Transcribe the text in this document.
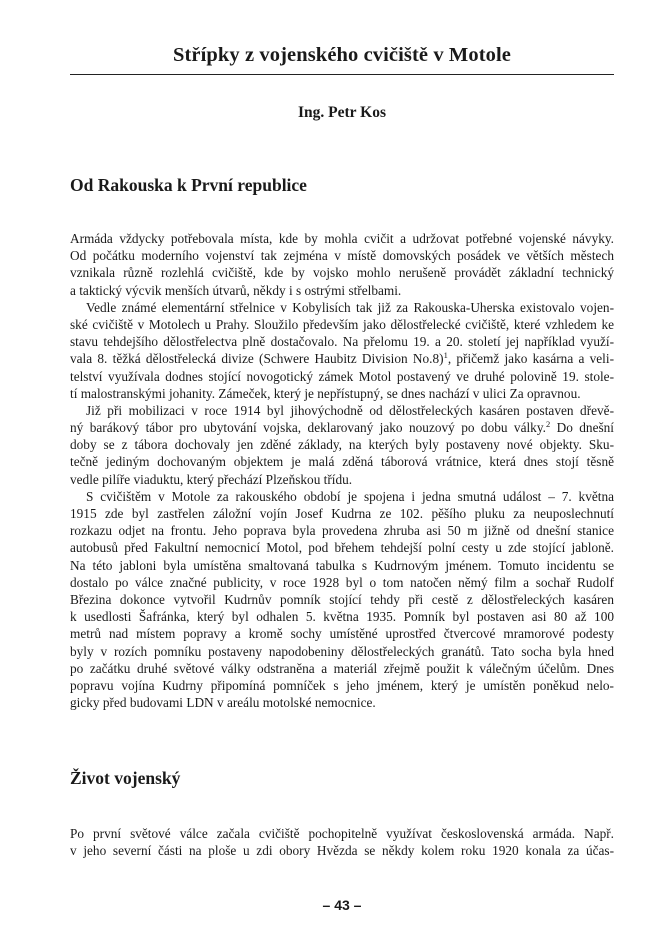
Střípky z vojenského cvičiště v Motole
Ing. Petr Kos
Od Rakouska k První republice
Armáda vždycky potřebovala místa, kde by mohla cvičit a udržovat potřebné vojenské návyky.
Od počátku moderního vojenství tak zejména v místě domovských posádek ve větších městech
vznikala různě rozlehlá cvičiště, kde by vojsko mohlo nerušeně provádět základní technický
a taktický výcvik menších útvarů, někdy i s ostrými střelbami.
Vedle známé elementární střelnice v Kobylisích tak již za Rakouska-Uherska existovalo vojen-
ské cvičiště v Motolech u Prahy. Sloužilo především jako dělostřelecké cvičiště, které vzhledem ke
stavu tehdejšího dělostřelectva plně dostačovalo. Na přelomu 19. a 20. století jej například využí-
vala 8. těžká dělostřelecká divize (Schwere Haubitz Division No.8)$^1$, přičemž jako kasárna a veli-
telství využívala dodnes stojící novogotický zámek Motol postavený ve druhé polovině 19. stole-
tí malostranskými johanity. Zámeček, který je nepřístupný, se dnes nachází v ulici Za opravnou.
Již při mobilizaci v roce 1914 byl jihovýchodně od dělostřeleckých kasáren postaven dřevě-
ný barákový tábor pro ubytování vojska, deklarovaný jako nouzový po dobu války.$^2$ Do dnešní
doby se z tábora dochovaly jen zděné základy, na kterých byly postaveny nové objekty. Sku-
tečně jediným dochovaným objektem je malá zděná táborová vrátnice, která dnes stojí těsně
vedle pilíře viaduktu, který přechází Plzeňskou třídu.
S cvičištěm v Motole za rakouského období je spojena i jedna smutná událost – 7. května
1915 zde byl zastřelen záložní vojín Josef Kudrna ze 102. pěšího pluku za neuposlechnutí
rozkazu odjet na frontu. Jeho poprava byla provedena zhruba asi 50 m jižně od dnešní stanice
autobusů před Fakultní nemocnicí Motol, pod břehem tehdejší polní cesty u zde stojící jabloně.
Na této jabloni byla umístěna smaltovaná tabulka s Kudrnovým jménem. Tomuto incidentu se
dostalo po válce značné publicity, v roce 1928 byl o tom natočen němý film a sochař Rudolf
Březina dokonce vytvořil Kudrnův pomník stojící tehdy při cestě z dělostřeleckých kasáren
k usedlosti Šafránka, který byl odhalen 5. května 1935. Pomník byl postaven asi 80 až 100
metrů nad místem popravy a kromě sochy umístěné uprostřed čtvercové mramorové podesty
byly v rozích pomníku postaveny napodobeniny dělostřeleckých granátů. Tato socha byla hned
po začátku druhé světové války odstraněna a materiál zřejmě použit k válečným účelům. Dnes
popravu vojína Kudrny připomíná pomníček s jeho jménem, který je umístěn poněkud nelo-
gicky před budovami LDN v areálu motolské nemocnice.
Život vojenský
Po první světové válce začala cvičiště pochopitelně využívat československá armáda. Např.
v jeho severní části na ploše u zdi obory Hvězda se někdy kolem roku 1920 konala za účas-
– 43 –
